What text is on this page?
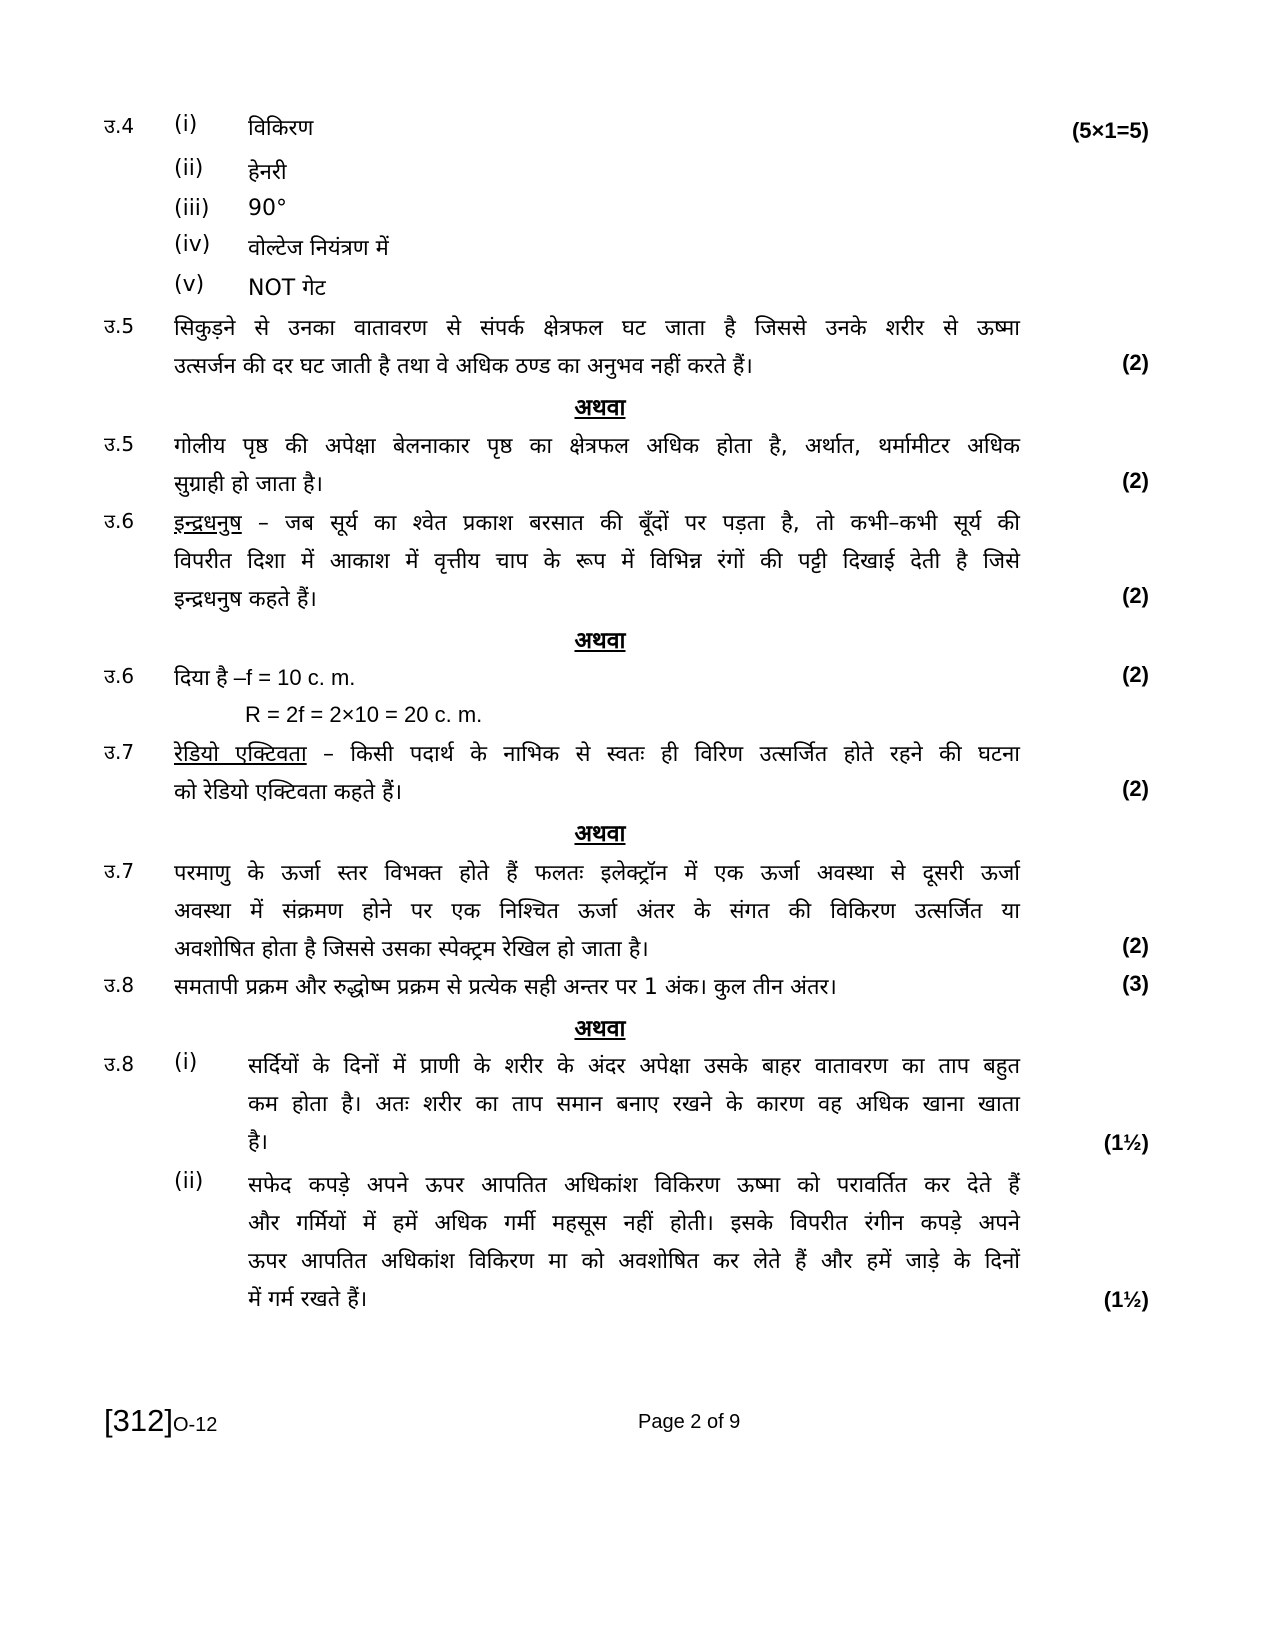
उ.4 (i) विकिरण	(5×1=5)
(ii) हेनरी
(iii) 90°
(iv) वोल्टेज नियंत्रण में
(v) NOT गेट
उ.5 सिकुड़ने से उनका वातावरण से संपर्क क्षेत्रफल घट जाता है जिससे उनके शरीर से ऊष्मा
उत्सर्जन की दर घट जाती है तथा वे अधिक ठण्ड का अनुभव नहीं करते हैं।	(2)
अथवा
उ.5 गोलीय पृष्ठ की अपेक्षा बेलनाकार पृष्ठ का क्षेत्रफल अधिक होता है, अर्थात, थर्मामीटर अधिक
सुग्राही हो जाता है।	(2)
उ.6 इन्द्रधनुष – जब सूर्य का श्वेत प्रकाश बरसात की बूँदों पर पड़ता है, तो कभी–कभी सूर्य की
विपरीत दिशा में आकाश में वृत्तीय चाप के रूप में विभिन्न रंगों की पट्टी दिखाई देती है जिसे
इन्द्रधनुष कहते हैं।	(2)
अथवा
उ.6 दिया है –f = 10 c. m.	(2)
R = 2f = 2×10 = 20 c. m.
उ.7 रेडियो एक्टिवता – किसी पदार्थ के नाभिक से स्वतः ही विरिण उत्सर्जित होते रहने की घटना
को रेडियो एक्टिवता कहते हैं।	(2)
अथवा
उ.7 परमाणु के ऊर्जा स्तर विभक्त होते हैं फलतः इलेक्ट्रॉन में एक ऊर्जा अवस्था से दूसरी ऊर्जा
अवस्था में संक्रमण होने पर एक निश्चित ऊर्जा अंतर के संगत की विकिरण उत्सर्जित या
अवशोषित होता है जिससे उसका स्पेक्ट्रम रेखिल हो जाता है।	(2)
उ.8 समतापी प्रक्रम और रुद्धोष्म प्रक्रम से प्रत्येक सही अन्तर पर 1 अंक। कुल तीन अंतर।	(3)
अथवा
उ.8 (i) सर्दियों के दिनों में प्राणी के शरीर के अंदर अपेक्षा उसके बाहर वातावरण का ताप बहुत
कम होता है। अतः शरीर का ताप समान बनाए रखने के कारण वह अधिक खाना खाता
है।	(1½)
(ii) सफेद कपड़े अपने ऊपर आपतित अधिकांश विकिरण ऊष्मा को परावर्तित कर देते हैं
और गर्मियों में हमें अधिक गर्मी महसूस नहीं होती। इसके विपरीत रंगीन कपड़े अपने
ऊपर आपतित अधिकांश विकिरण मा को अवशोषित कर लेते हैं और हमें जाड़े के दिनों
में गर्म रखते हैं।	(1½)
[312]O-12	Page 2 of 9
